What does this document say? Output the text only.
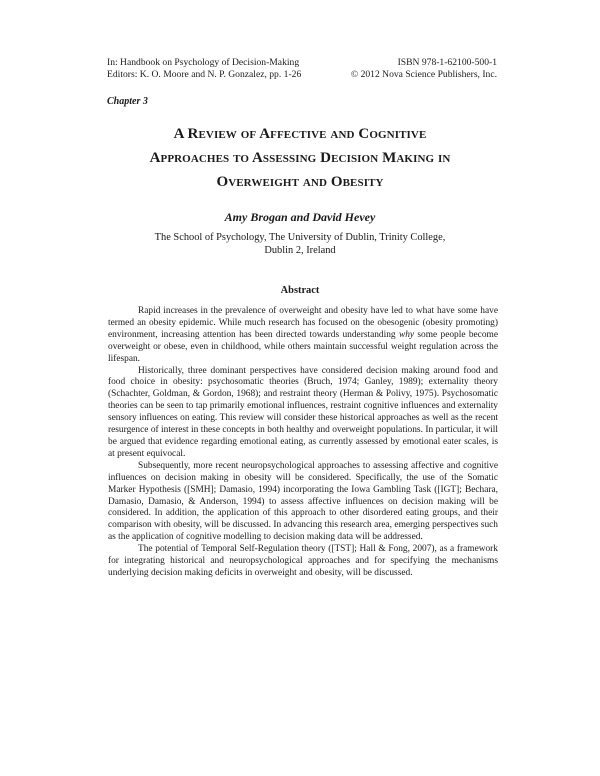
In: Handbook on Psychology of Decision-Making	ISBN 978-1-62100-500-1
Editors: K. O. Moore and N. P. Gonzalez, pp. 1-26	© 2012 Nova Science Publishers, Inc.
Chapter 3
A Review of Affective and Cognitive
Approaches to Assessing Decision Making in
Overweight and Obesity
Amy Brogan and David Hevey
The School of Psychology, The University of Dublin, Trinity College,
Dublin 2, Ireland
Abstract

Rapid increases in the prevalence of overweight and obesity have led to what have some have termed an obesity epidemic. While much research has focused on the obesogenic (obesity promoting) environment, increasing attention has been directed towards understanding why some people become overweight or obese, even in childhood, while others maintain successful weight regulation across the lifespan.

Historically, three dominant perspectives have considered decision making around food and food choice in obesity: psychosomatic theories (Bruch, 1974; Ganley, 1989); externality theory (Schachter, Goldman, & Gordon, 1968); and restraint theory (Herman & Polivy, 1975). Psychosomatic theories can be seen to tap primarily emotional influences, restraint cognitive influences and externality sensory influences on eating. This review will consider these historical approaches as well as the recent resurgence of interest in these concepts in both healthy and overweight populations. In particular, it will be argued that evidence regarding emotional eating, as currently assessed by emotional eater scales, is at present equivocal.

Subsequently, more recent neuropsychological approaches to assessing affective and cognitive influences on decision making in obesity will be considered. Specifically, the use of the Somatic Marker Hypothesis ([SMH]; Damasio, 1994) incorporating the Iowa Gambling Task ([IGT]; Bechara, Damasio, Damasio, & Anderson, 1994) to assess affective influences on decision making will be considered. In addition, the application of this approach to other disordered eating groups, and their comparison with obesity, will be discussed. In advancing this research area, emerging perspectives such as the application of cognitive modelling to decision making data will be addressed.

The potential of Temporal Self-Regulation theory ([TST]; Hall & Fong, 2007), as a framework for integrating historical and neuropsychological approaches and for specifying the mechanisms underlying decision making deficits in overweight and obesity, will be discussed.
